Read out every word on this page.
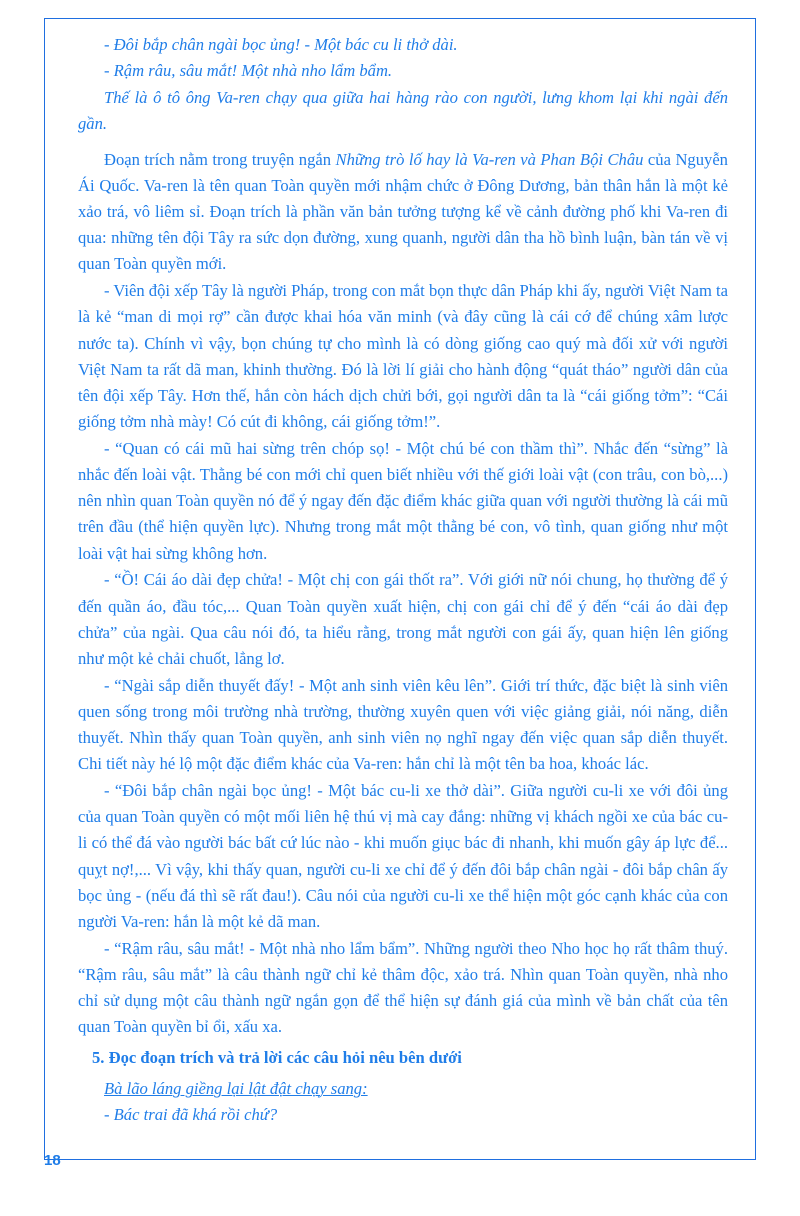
- Đôi bắp chân ngài bọc ủng! - Một bác cu li thở dài.

- Rậm râu, sâu mắt! Một nhà nho lẩm bẩm.

Thế là ô tô ông Va-ren chạy qua giữa hai hàng rào con người, lưng khom lại khi ngài đến gần.

Đoạn trích nằm trong truyện ngắn Những trò lố hay là Va-ren và Phan Bội Châu của Nguyễn Ái Quốc. Va-ren là tên quan Toàn quyền mới nhậm chức ở Đông Dương, bản thân hắn là một kẻ xảo trá, vô liêm sỉ. Đoạn trích là phần văn bản tưởng tượng kể về cảnh đường phố khi Va-ren đi qua: những tên đội Tây ra sức dọn đường, xung quanh, người dân tha hồ bình luận, bàn tán về vị quan Toàn quyền mới.

- Viên đội xếp Tây là người Pháp, trong con mắt bọn thực dân Pháp khi ấy, người Việt Nam ta là kẻ “man di mọi rợ” cần được khai hóa văn minh (và đây cũng là cái cớ để chúng xâm lược nước ta). Chính vì vậy, bọn chúng tự cho mình là có dòng giống cao quý mà đối xử với người Việt Nam ta rất dã man, khinh thường. Đó là lời lí giải cho hành động “quát tháo” người dân của tên đội xếp Tây. Hơn thế, hắn còn hách dịch chửi bới, gọi người dân ta là “cái giống tởm”: “Cái giống tởm nhà mày! Có cút đi không, cái giống tởm!”.

- “Quan có cái mũ hai sừng trên chóp sọ! - Một chú bé con thầm thì”. Nhắc đến “sừng” là nhắc đến loài vật. Thằng bé con mới chỉ quen biết nhiều với thế giới loài vật (con trâu, con bò,...) nên nhìn quan Toàn quyền nó để ý ngay đến đặc điểm khác giữa quan với người thường là cái mũ trên đầu (thể hiện quyền lực). Nhưng trong mắt một thằng bé con, vô tình, quan giống như một loài vật hai sừng không hơn.

- “Ồ! Cái áo dài đẹp chửa! - Một chị con gái thốt ra”. Với giới nữ nói chung, họ thường để ý đến quần áo, đầu tóc,... Quan Toàn quyền xuất hiện, chị con gái chỉ để ý đến “cái áo dài đẹp chửa” của ngài. Qua câu nói đó, ta hiểu rằng, trong mắt người con gái ấy, quan hiện lên giống như một kẻ chải chuốt, lẳng lơ.

- “Ngài sắp diễn thuyết đấy! - Một anh sinh viên kêu lên”. Giới trí thức, đặc biệt là sinh viên quen sống trong môi trường nhà trường, thường xuyên quen với việc giảng giải, nói năng, diễn thuyết. Nhìn thấy quan Toàn quyền, anh sinh viên nọ nghĩ ngay đến việc quan sắp diễn thuyết. Chi tiết này hé lộ một đặc điểm khác của Va-ren: hắn chỉ là một tên ba hoa, khoác lác.

- “Đôi bắp chân ngài bọc ủng! - Một bác cu-li xe thở dài”. Giữa người cu-li xe với đôi ủng của quan Toàn quyền có một mối liên hệ thú vị mà cay đắng: những vị khách ngồi xe của bác cu-li có thể đá vào người bác bất cứ lúc nào - khi muốn giục bác đi nhanh, khi muốn gây áp lực để... quỵt nợ!,... Vì vậy, khi thấy quan, người cu-li xe chỉ để ý đến đôi bắp chân ngài - đôi bắp chân ấy bọc ủng - (nếu đá thì sẽ rất đau!). Câu nói của người cu-li xe thể hiện một góc cạnh khác của con người Va-ren: hắn là một kẻ dã man.

- “Rậm râu, sâu mắt! - Một nhà nho lẩm bẩm”. Những người theo Nho học họ rất thâm thuý. “Rậm râu, sâu mắt” là câu thành ngữ chỉ kẻ thâm độc, xảo trá. Nhìn quan Toàn quyền, nhà nho chỉ sử dụng một câu thành ngữ ngắn gọn để thể hiện sự đánh giá của mình về bản chất của tên quan Toàn quyền bỉ ổi, xấu xa.

5. Đọc đoạn trích và trả lời các câu hỏi nêu bên dưới

Bà lão láng giềng lại lật đật chạy sang:

- Bác trai đã khá rồi chứ?

18
